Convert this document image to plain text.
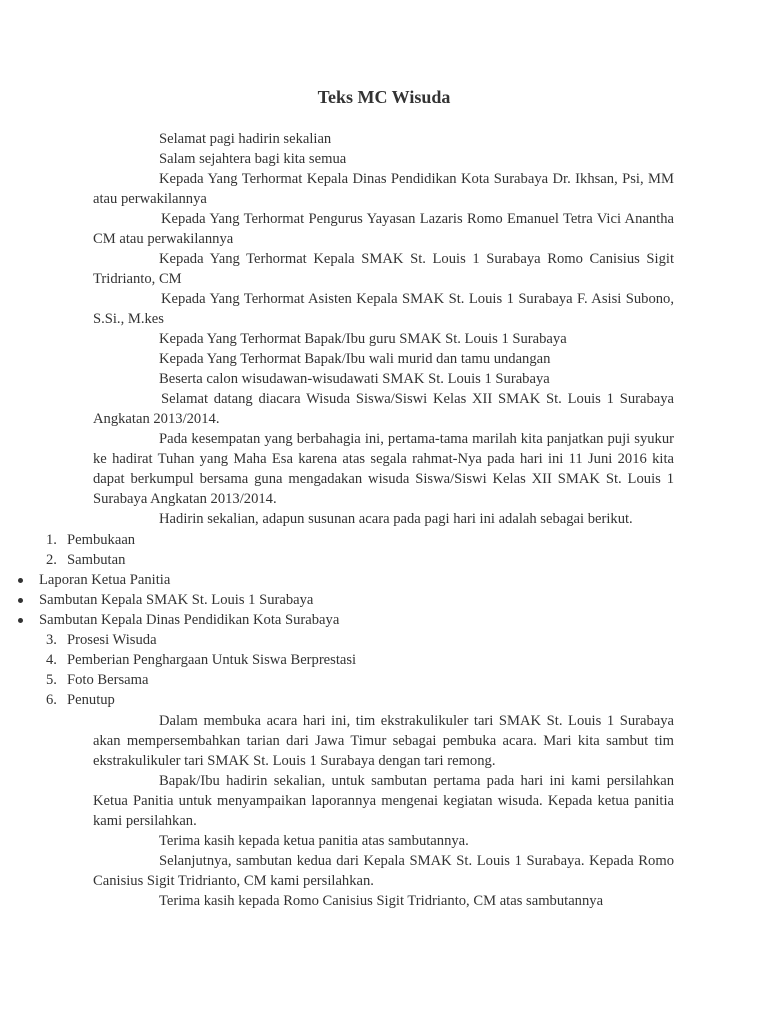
Teks MC Wisuda

Selamat pagi hadirin sekalian

Salam sejahtera bagi kita semua

Kepada Yang Terhormat Kepala Dinas Pendidikan Kota Surabaya Dr. Ikhsan, Psi, MM atau perwakilannya

Kepada Yang Terhormat Pengurus Yayasan Lazaris Romo Emanuel Tetra Vici Anantha CM atau perwakilannya

Kepada Yang Terhormat Kepala SMAK St. Louis 1 Surabaya Romo Canisius Sigit Tridrianto, CM

Kepada Yang Terhormat Asisten Kepala SMAK St. Louis 1 Surabaya F. Asisi Subono, S.Si., M.kes

Kepada Yang Terhormat Bapak/Ibu guru SMAK St. Louis 1 Surabaya

Kepada Yang Terhormat Bapak/Ibu wali murid dan tamu undangan

Beserta calon wisudawan-wisudawati SMAK St. Louis 1 Surabaya

Selamat datang diacara Wisuda Siswa/Siswi Kelas XII SMAK St. Louis 1 Surabaya Angkatan 2013/2014.

Pada kesempatan yang berbahagia ini, pertama-tama marilah kita panjatkan puji syukur ke hadirat Tuhan yang Maha Esa karena atas segala rahmat-Nya pada hari ini 11 Juni 2016 kita dapat berkumpul bersama guna mengadakan wisuda Siswa/Siswi Kelas XII SMAK St. Louis 1 Surabaya Angkatan 2013/2014.

Hadirin sekalian, adapun susunan acara pada pagi hari ini adalah sebagai berikut.

1. Pembukaan
2. Sambutan
Laporan Ketua Panitia
Sambutan Kepala SMAK St. Louis 1 Surabaya
Sambutan Kepala Dinas Pendidikan Kota Surabaya
3. Prosesi Wisuda
4. Pemberian Penghargaan Untuk Siswa Berprestasi
5. Foto Bersama
6. Penutup

Dalam membuka acara hari ini, tim ekstrakulikuler tari SMAK St. Louis 1 Surabaya akan mempersembahkan tarian dari Jawa Timur sebagai pembuka acara. Mari kita sambut tim ekstrakulikuler tari SMAK St. Louis 1 Surabaya dengan tari remong.

Bapak/Ibu hadirin sekalian, untuk sambutan pertama pada hari ini kami persilahkan Ketua Panitia untuk menyampaikan laporannya mengenai kegiatan wisuda. Kepada ketua panitia kami persilahkan.

Terima kasih kepada ketua panitia atas sambutannya.

Selanjutnya, sambutan kedua dari Kepala SMAK St. Louis 1 Surabaya. Kepada Romo Canisius Sigit Tridrianto, CM kami persilahkan.

Terima kasih kepada Romo Canisius Sigit Tridrianto, CM atas sambutannya
